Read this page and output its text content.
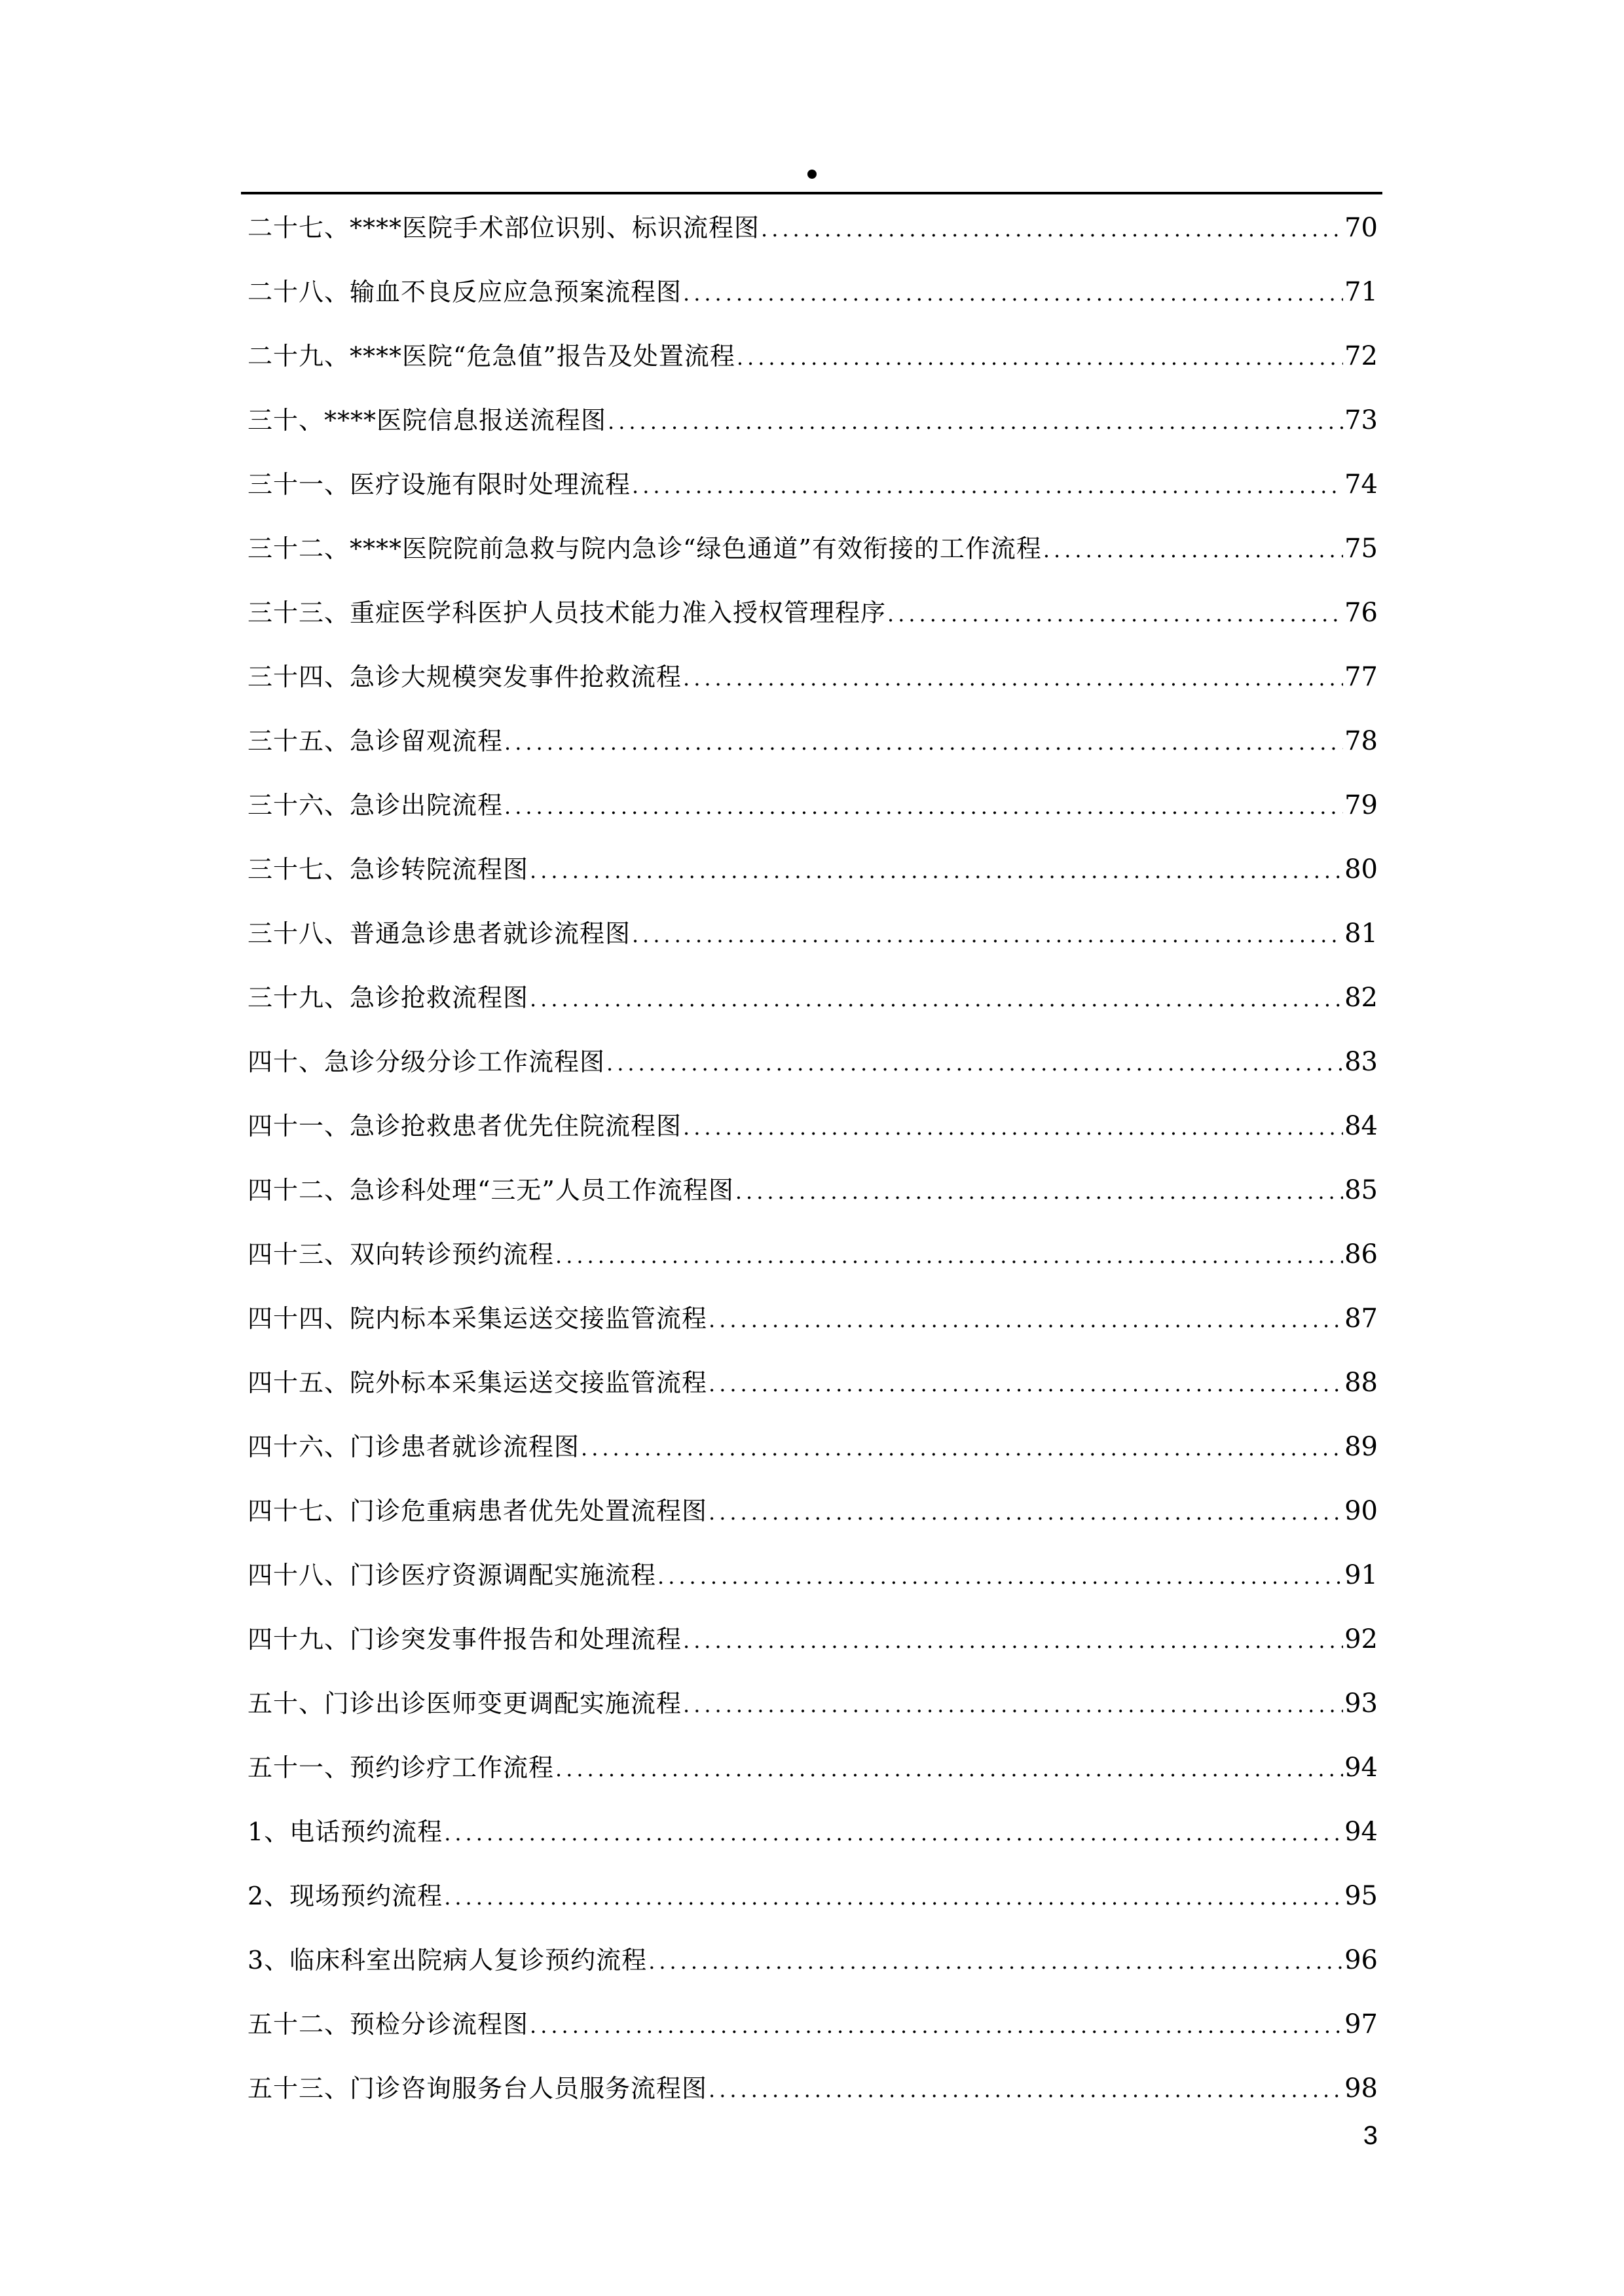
二十七、****医院手术部位识别、标识流程图 .....	70
二十八、输血不良反应应急预案流程图 .....	71
二十九、****医院“危急值”报告及处置流程 .....	72
三十、****医院信息报送流程图 .....	73
三十一、医疗设施有限时处理流程 .....	74
三十二、****医院院前急救与院内急诊“绿色通道”有效衔接的工作流程 .....	75
三十三、重症医学科医护人员技术能力准入授权管理程序 .....	76
三十四、急诊大规模突发事件抢救流程 .....	77
三十五、急诊留观流程 .....	78
三十六、急诊出院流程 .....	79
三十七、急诊转院流程图 .....	80
三十八、普通急诊患者就诊流程图 .....	81
三十九、急诊抢救流程图 .....	82
四十、急诊分级分诊工作流程图 .....	83
四十一、急诊抢救患者优先住院流程图 .....	84
四十二、急诊科处理“三无”人员工作流程图 .....	85
四十三、双向转诊预约流程 .....	86
四十四、院内标本采集运送交接监管流程 .....	87
四十五、院外标本采集运送交接监管流程 .....	88
四十六、门诊患者就诊流程图 .....	89
四十七、门诊危重病患者优先处置流程图 .....	90
四十八、门诊医疗资源调配实施流程 .....	91
四十九、门诊突发事件报告和处理流程 .....	92
五十、门诊出诊医师变更调配实施流程 .....	93
五十一、预约诊疗工作流程 .....	94
1、电话预约流程 .....	94
2、现场预约流程 .....	95
3、临床科室出院病人复诊预约流程 .....	96
五十二、预检分诊流程图 .....	97
五十三、门诊咨询服务台人员服务流程图 .....	98
3
